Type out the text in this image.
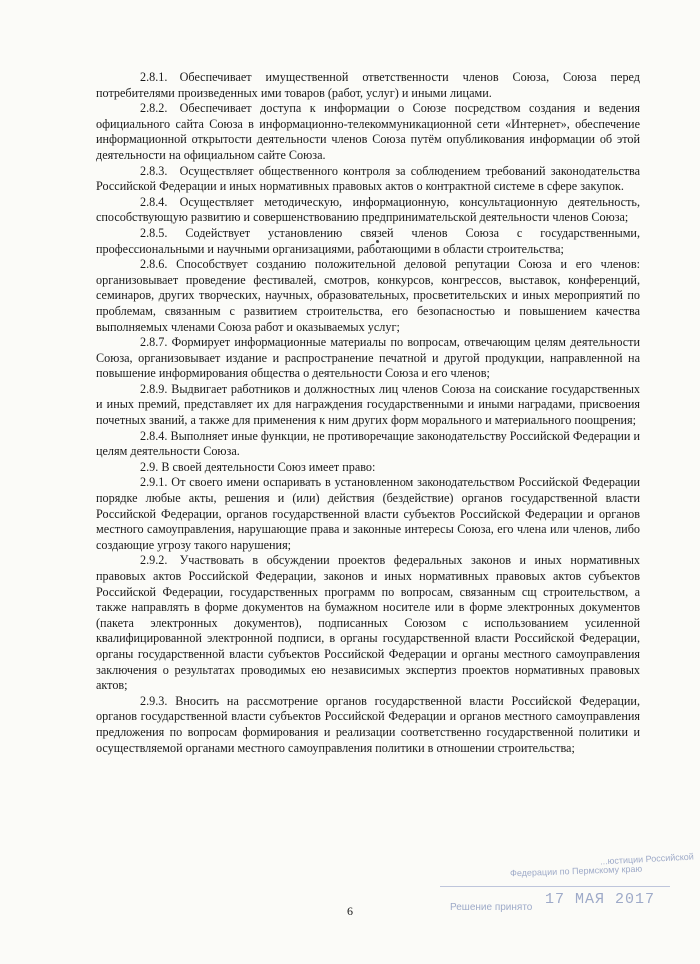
2.8.1. Обеспечивает имущественной ответственности членов Союза, Союза перед потребителями произведенных ими товаров (работ, услуг) и иными лицами.

2.8.2. Обеспечивает доступа к информации о Союзе посредством создания и ведения официального сайта Союза в информационно-телекоммуникационной сети «Интернет», обеспечение информационной открытости деятельности членов Союза путём опубликования информации об этой деятельности на официальном сайте Союза.

2.8.3. Осуществляет общественного контроля за соблюдением требований законодательства Российской Федерации и иных нормативных правовых актов о контрактной системе в сфере закупок.

2.8.4. Осуществляет методическую, информационную, консультационную деятельность, способствующую развитию и совершенствованию предпринимательской деятельности членов Союза;

2.8.5. Содействует установлению связей членов Союза с государственными, профессиональными и научными организациями, работающими в области строительства;

2.8.6. Способствует созданию положительной деловой репутации Союза и его членов: организовывает проведение фестивалей, смотров, конкурсов, конгрессов, выставок, конференций, семинаров, других творческих, научных, образовательных, просветительских и иных мероприятий по проблемам, связанным с развитием строительства, его безопасностью и повышением качества выполняемых членами Союза работ и оказываемых услуг;

2.8.7. Формирует информационные материалы по вопросам, отвечающим целям деятельности Союза, организовывает издание и распространение печатной и другой продукции, направленной на повышение информирования общества о деятельности Союза и его членов;

2.8.9. Выдвигает работников и должностных лиц членов Союза на соискание государственных и иных премий, представляет их для награждения государственными и иными наградами, присвоения почетных званий, а также для применения к ним других форм морального и материального поощрения;

2.8.4. Выполняет иные функции, не противоречащие законодательству Российской Федерации и целям деятельности Союза.

2.9. В своей деятельности Союз имеет право:

2.9.1. От своего имени оспаривать в установленном законодательством Российской Федерации порядке любые акты, решения и (или) действия (бездействие) органов государственной власти Российской Федерации, органов государственной власти субъектов Российской Федерации и органов местного самоуправления, нарушающие права и законные интересы Союза, его члена или членов, либо создающие угрозу такого нарушения;

2.9.2. Участвовать в обсуждении проектов федеральных законов и иных нормативных правовых актов Российской Федерации, законов и иных нормативных правовых актов субъектов Российской Федерации, государственных программ по вопросам, связанным сщ строительством, а также направлять в форме документов на бумажном носителе или в форме электронных документов (пакета электронных документов), подписанных Союзом с использованием усиленной квалифицированной электронной подписи, в органы государственной власти Российской Федерации, органы государственной власти субъектов Российской Федерации и органы местного самоуправления заключения о результатах проводимых ею независимых экспертиз проектов нормативных правовых актов;

2.9.3. Вносить на рассмотрение органов государственной власти Российской Федерации, органов государственной власти субъектов Российской Федерации и органов местного самоуправления предложения по вопросам формирования и реализации соответственно государственной политики и осуществляемой органами местного самоуправления политики в отношении строительства;

6
...юстиции Российской
Федерации по Пермскому краю
17 МАЯ 2017
Решение принято
